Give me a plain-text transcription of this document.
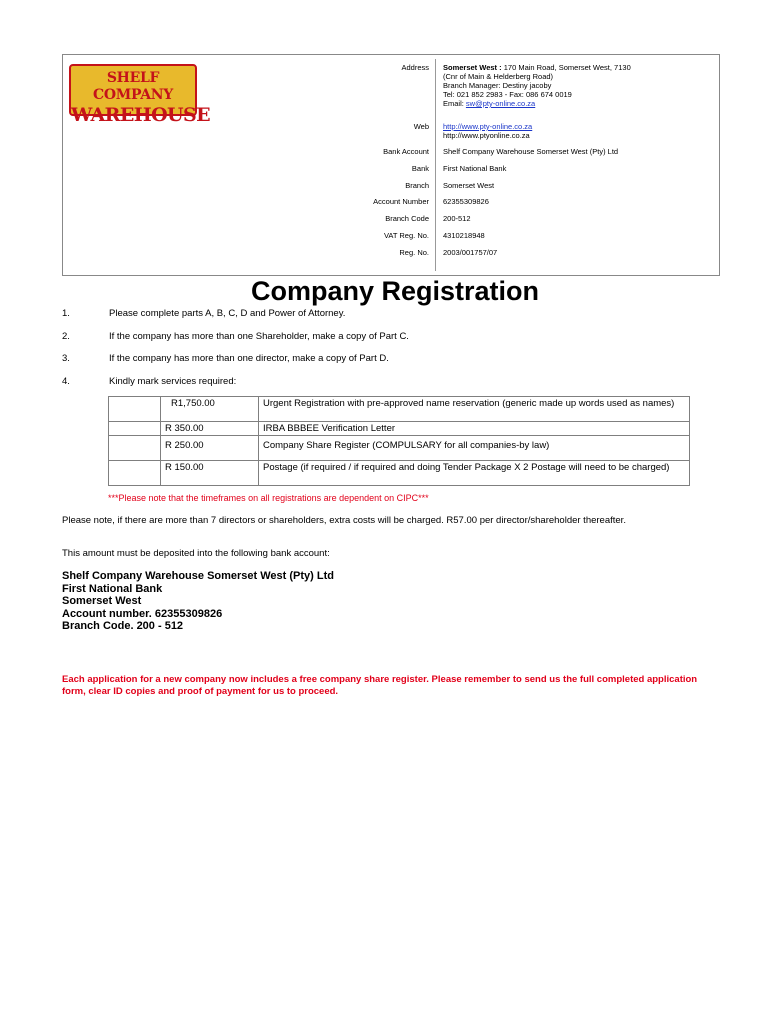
SHELF COMPANY
WAREHOUSE
Address Somerset West : 170 Main Road, Somerset West, 7130
(Cnr of Main & Helderberg Road)
Branch Manager: Destiny jacoby
Tel: 021 852 2983 - Fax: 086 674 0019
Email: sw@pty-online.co.za
Web http://www.pty-online.co.za
http://www.ptyonline.co.za
Bank Account Shelf Company Warehouse Somerset West (Pty) Ltd
Bank First National Bank
Branch Somerset West
Account Number 62355309826
Branch Code 200-512
VAT Reg. No. 4310218948
Reg. No. 2003/001757/07
Company Registration
1.	Please complete parts A, B, C, D and Power of Attorney.
2.	If the company has more than one Shareholder, make a copy of Part C.
3.	If the company has more than one director, make a copy of Part D.
4.	Kindly mark services required:
	R1,750.00	Urgent Registration with pre-approved name reservation (generic made up words used as names)
	R 350.00	IRBA BBBEE Verification Letter
	R 250.00	Company Share Register (COMPULSARY for all companies-by law)
	R 150.00	Postage (if required / if required and doing Tender Package X 2 Postage will need to be charged)
***Please note that the timeframes on all registrations are dependent on CIPC***
Please note, if there are more than 7 directors or shareholders, extra costs will be charged. R57.00 per director/shareholder thereafter.
This amount must be deposited into the following bank account:
Shelf Company Warehouse Somerset West (Pty) Ltd
First National Bank
Somerset West
Account number. 62355309826
Branch Code. 200 - 512
Each application for a new company now includes a free company share register. Please remember to send us the full completed application form, clear ID copies and proof of payment for us to proceed.
